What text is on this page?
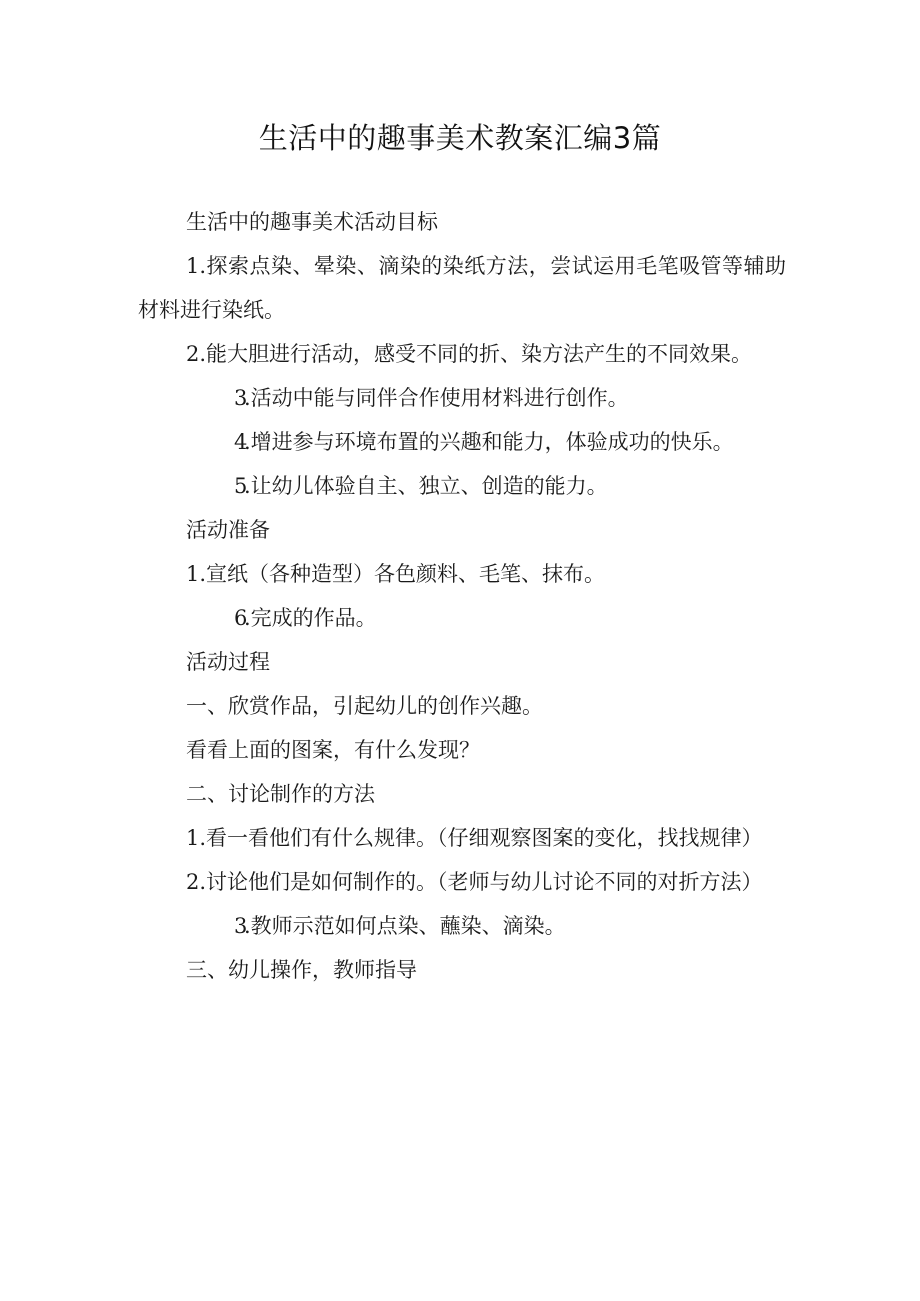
生活中的趣事美术教案汇编3篇

生活中的趣事美术活动目标

1.探索点染、晕染、滴染的染纸方法，尝试运用毛笔吸管等辅助材料进行染纸。

2.能大胆进行活动，感受不同的折、染方法产生的不同效果。

3.活动中能与同伴合作使用材料进行创作。

4.增进参与环境布置的兴趣和能力，体验成功的快乐。

5.让幼儿体验自主、独立、创造的能力。

活动准备

1.宣纸（各种造型）各色颜料、毛笔、抹布。

6.完成的作品。

活动过程

一、欣赏作品，引起幼儿的创作兴趣。

看看上面的图案，有什么发现？

二、讨论制作的方法

1.看一看他们有什么规律。（仔细观察图案的变化，找找规律）

2.讨论他们是如何制作的。（老师与幼儿讨论不同的对折方法）

3.教师示范如何点染、蘸染、滴染。

三、幼儿操作，教师指导
